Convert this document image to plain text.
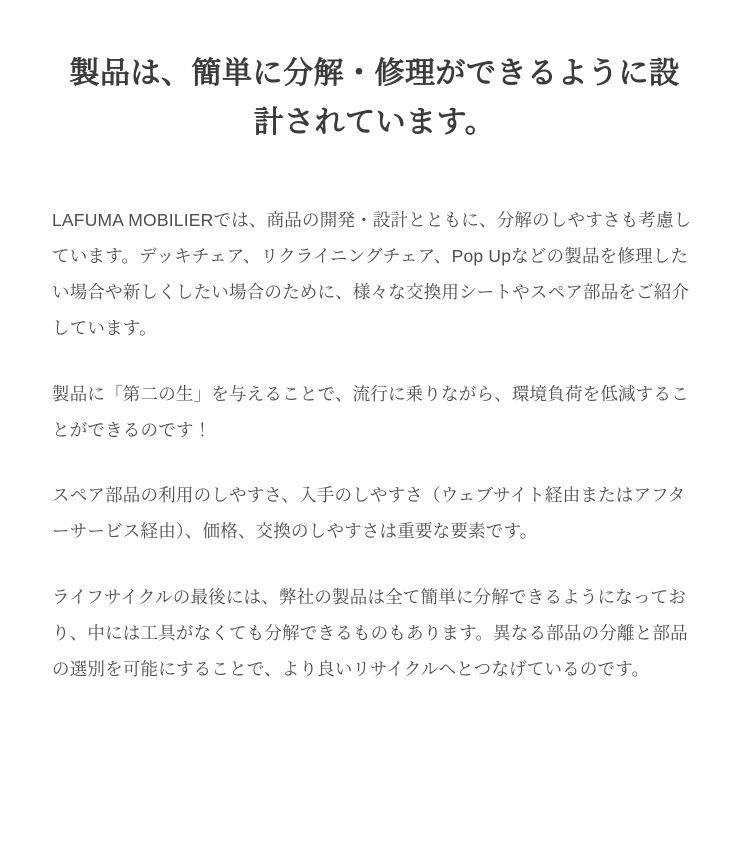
製品は、簡単に分解・修理ができるように設計されています。

LAFUMA MOBILIERでは、商品の開発・設計とともに、分解のしやすさも考慮しています。デッキチェア、リクライニングチェア、Pop Upなどの製品を修理したい場合や新しくしたい場合のために、様々な交換用シートやスペア部品をご紹介しています。

製品に「第二の生」を与えることで、流行に乗りながら、環境負荷を低減することができるのです！

スペア部品の利用のしやすさ、入手のしやすさ（ウェブサイト経由またはアフターサービス経由）、価格、交換のしやすさは重要な要素です。

ライフサイクルの最後には、弊社の製品は全て簡単に分解できるようになっており、中には工具がなくても分解できるものもあります。異なる部品の分離と部品の選別を可能にすることで、より良いリサイクルへとつなげているのです。
